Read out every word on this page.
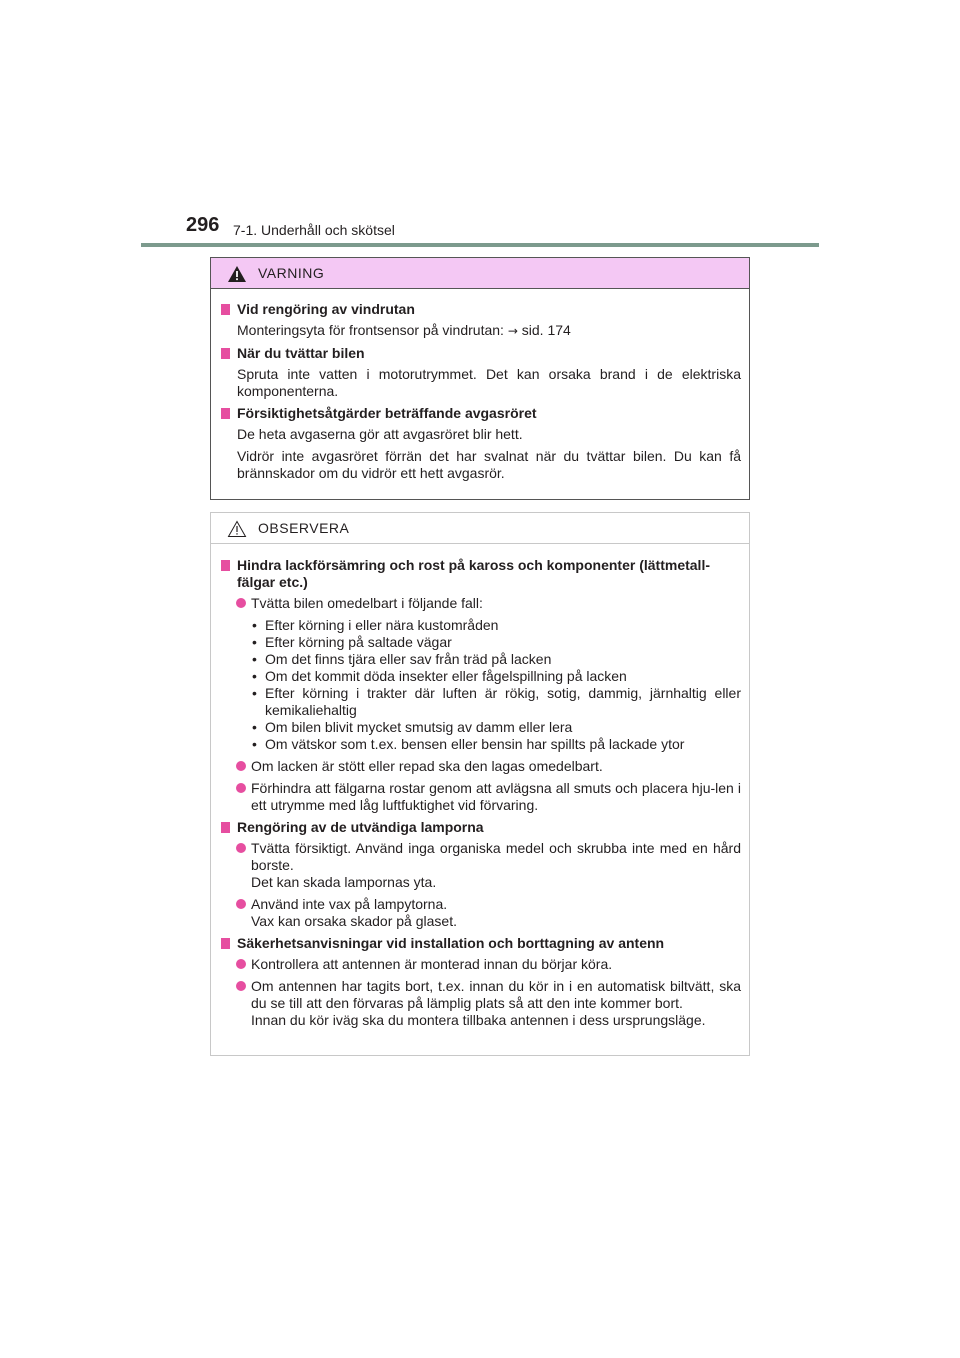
296 7-1. Underhåll och skötsel
VARNING
Vid rengöring av vindrutan
Monteringsyta för frontsensor på vindrutan: → sid. 174
När du tvättar bilen
Spruta inte vatten i motorutrymmet. Det kan orsaka brand i de elektriska komponenterna.
Försiktighetsåtgärder beträffande avgasröret
De heta avgaserna gör att avgasröret blir hett.
Vidrör inte avgasröret förrän det har svalnat när du tvättar bilen. Du kan få brännskador om du vidrör ett hett avgasrör.
OBSERVERA
Hindra lackförsämring och rost på kaross och komponenter (lättmetall-fälgar etc.)
Tvätta bilen omedelbart i följande fall:
• Efter körning i eller nära kustområden
• Efter körning på saltade vägar
• Om det finns tjära eller sav från träd på lacken
• Om det kommit döda insekter eller fågelspillning på lacken
• Efter körning i trakter där luften är rökig, sotig, dammig, järnhaltig eller kemikaliehaltig
• Om bilen blivit mycket smutsig av damm eller lera
• Om vätskor som t.ex. bensen eller bensin har spillts på lackade ytor
Om lacken är stött eller repad ska den lagas omedelbart.
Förhindra att fälgarna rostar genom att avlägsna all smuts och placera hju-len i ett utrymme med låg luftfuktighet vid förvaring.
Rengöring av de utvändiga lamporna
Tvätta försiktigt. Använd inga organiska medel och skrubba inte med en hård borste.
Det kan skada lampornas yta.
Använd inte vax på lampytorna.
Vax kan orsaka skador på glaset.
Säkerhetsanvisningar vid installation och borttagning av antenn
Kontrollera att antennen är monterad innan du börjar köra.
Om antennen har tagits bort, t.ex. innan du kör in i en automatisk biltvätt, ska du se till att den förvaras på lämplig plats så att den inte kommer bort.
Innan du kör iväg ska du montera tillbaka antennen i dess ursprungsläge.
